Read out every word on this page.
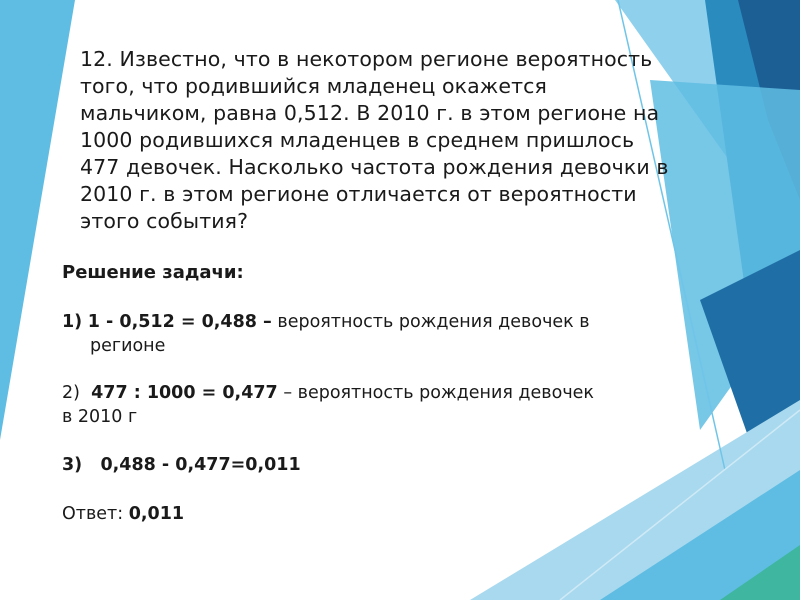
12. Известно, что в некотором регионе вероятность
того, что родившийся младенец окажется
мальчиком, равна 0,512. В 2010 г. в этом регионе на
1000 родившихся младенцев в среднем пришлось
477 девочек. Насколько частота рождения девочки в
2010 г. в этом регионе отличается от вероятности
этого события?
Решение задачи:
1) 1 - 0,512 = 0,488 – вероятность рождения девочек в
регионе
2) 477 : 1000 = 0,477 – вероятность рождения девочек
в 2010 г
3) 0,488 - 0,477=0,011
Ответ: 0,011
